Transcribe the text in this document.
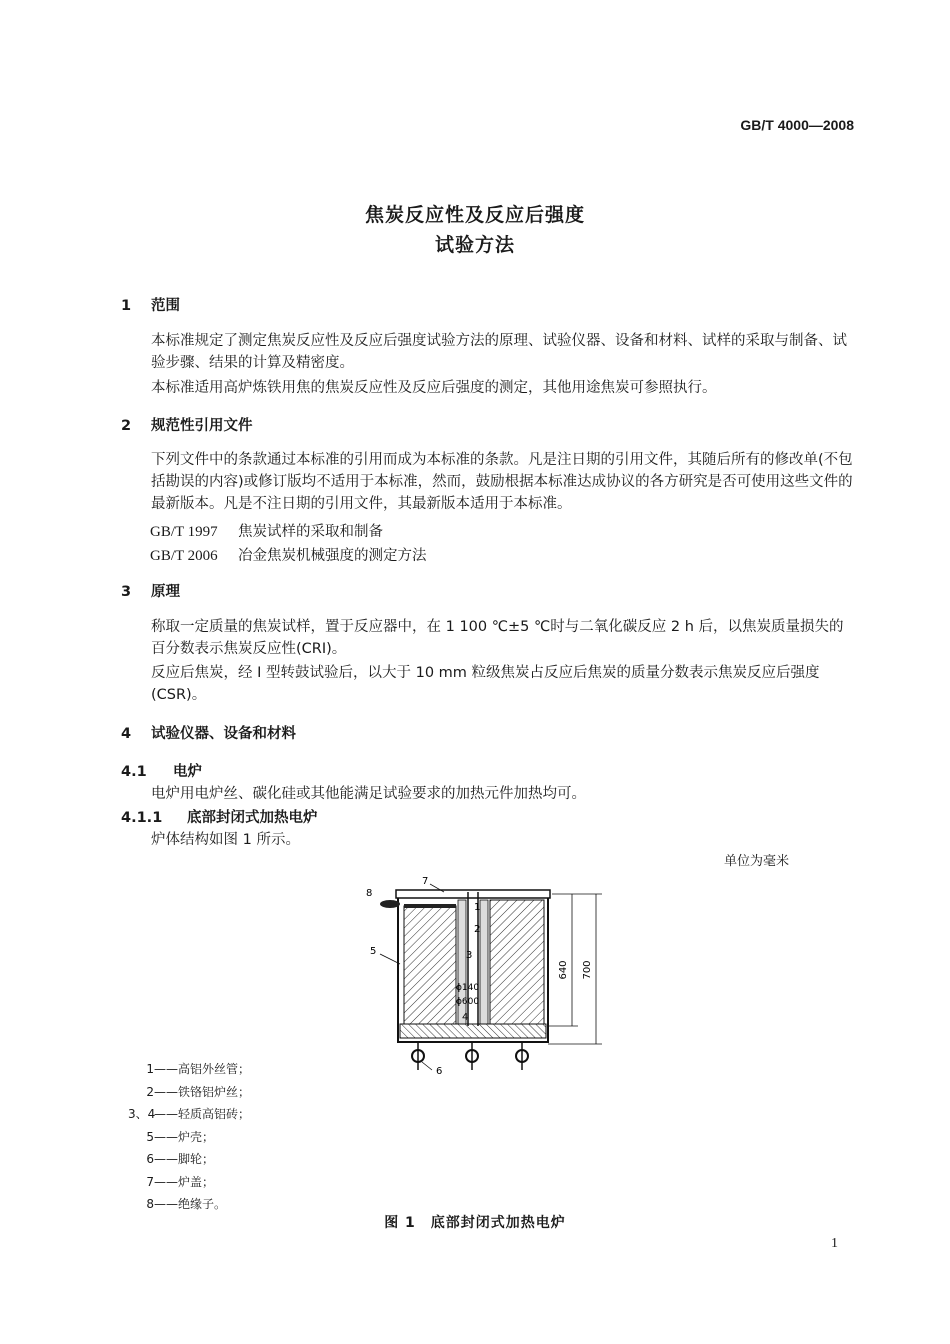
GB/T 4000—2008
焦炭反应性及反应后强度
试验方法
1 范围
本标准规定了测定焦炭反应性及反应后强度试验方法的原理、试验仪器、设备和材料、试样的采取与制备、试验步骤、结果的计算及精密度。
本标准适用高炉炼铁用焦的焦炭反应性及反应后强度的测定，其他用途焦炭可参照执行。
2 规范性引用文件
下列文件中的条款通过本标准的引用而成为本标准的条款。凡是注日期的引用文件，其随后所有的修改单(不包括勘误的内容)或修订版均不适用于本标准，然而，鼓励根据本标准达成协议的各方研究是否可使用这些文件的最新版本。凡是不注日期的引用文件，其最新版本适用于本标准。
GB/T 1997 焦炭试样的采取和制备
GB/T 2006 冶金焦炭机械强度的测定方法
3 原理
称取一定质量的焦炭试样，置于反应器中，在 1 100 ℃±5 ℃时与二氧化碳反应 2 h 后，以焦炭质量损失的百分数表示焦炭反应性(CRI)。
反应后焦炭，经 Ⅰ 型转鼓试验后，以大于 10 mm 粒级焦炭占反应后焦炭的质量分数表示焦炭反应后强度(CSR)。
4 试验仪器、设备和材料
4.1 电炉
电炉用电炉丝、碳化硅或其他能满足试验要求的加热元件加热均可。
4.1.1 底部封闭式加热电炉
炉体结构如图 1 所示。
单位为毫米
640 700
ϕ140
ϕ600
7
8
1
2
3
4
5
6
1——高铝外丝管；
2——铁铬铝炉丝；
3、4——轻质高铝砖；
5——炉壳；
6——脚轮；
7——炉盖；
8——绝缘子。
图 1　底部封闭式加热电炉
1
